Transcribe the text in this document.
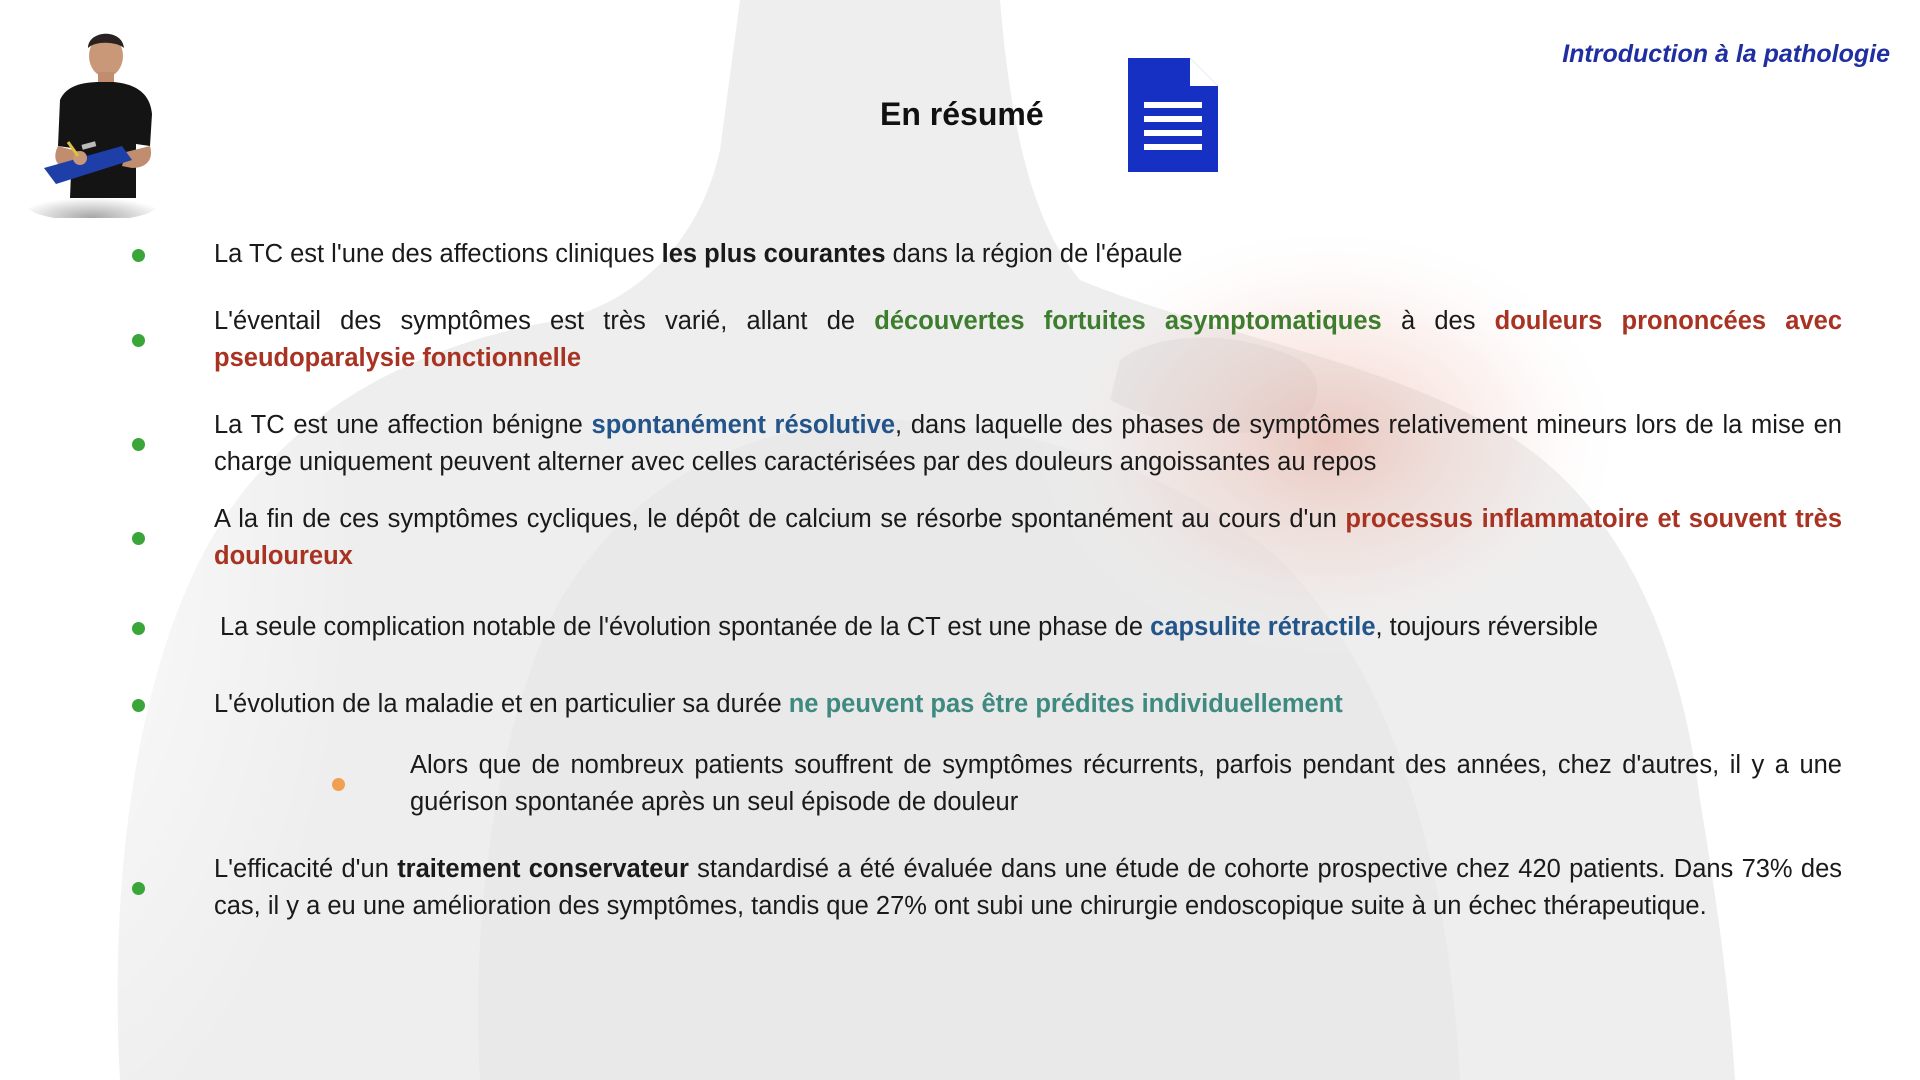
Introduction à la pathologie
En résumé
La TC est l'une des affections cliniques les plus courantes dans la région de l'épaule
L'éventail des symptômes est très varié, allant de découvertes fortuites asymptomatiques à des douleurs prononcées avec pseudoparalysie fonctionnelle
La TC est une affection bénigne spontanément résolutive, dans laquelle des phases de symptômes relativement mineurs lors de la mise en charge uniquement peuvent alterner avec celles caractérisées par des douleurs angoissantes au repos
A la fin de ces symptômes cycliques, le dépôt de calcium se résorbe spontanément au cours d'un processus inflammatoire et souvent très douloureux
La seule complication notable de l'évolution spontanée de la CT est une phase de capsulite rétractile, toujours réversible
L'évolution de la maladie et en particulier sa durée ne peuvent pas être prédites individuellement
Alors que de nombreux patients souffrent de symptômes récurrents, parfois pendant des années, chez d'autres, il y a une guérison spontanée après un seul épisode de douleur
L'efficacité d'un traitement conservateur standardisé a été évaluée dans une étude de cohorte prospective chez 420 patients. Dans 73% des cas, il y a eu une amélioration des symptômes, tandis que 27% ont subi une chirurgie endoscopique suite à un échec thérapeutique.
